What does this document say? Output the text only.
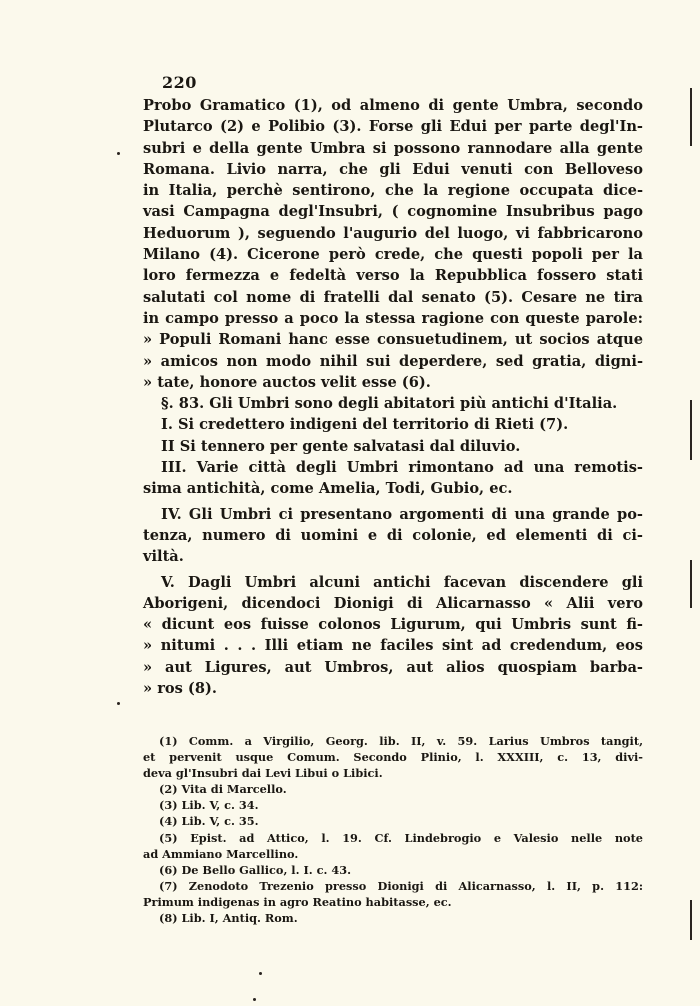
220
Probo Gramatico (1), od almeno di gente Umbra, secondo
Plutarco (2) e Polibio (3). Forse gli Edui per parte degl'In-
subri e della gente Umbra si possono rannodare alla gente
Romana. Livio narra, che gli Edui venuti con Belloveso
in Italia, perchè sentirono, che la regione occupata dice-
vasi Campagna degl'Insubri, ( cognomine Insubribus pago
Heduorum ), seguendo l'augurio del luogo, vi fabbricarono
Milano (4). Cicerone però crede, che questi popoli per la
loro fermezza e fedeltà verso la Repubblica fossero stati
salutati col nome di fratelli dal senato (5). Cesare ne tira
in campo presso a poco la stessa ragione con queste parole:
» Populi Romani hanc esse consuetudinem, ut socios atque
» amicos non modo nihil sui deperdere, sed gratia, digni-
» tate, honore auctos velit esse (6).
§. 83. Gli Umbri sono degli abitatori più antichi d'Italia.
I. Si credettero indigeni del territorio di Rieti (7).
II Si tennero per gente salvatasi dal diluvio.
III. Varie città degli Umbri rimontano ad una remotis-
sima antichità, come Amelia, Todi, Gubio, ec.
IV. Gli Umbri ci presentano argomenti di una grande po-
tenza, numero di uomini e di colonie, ed elementi di ci-
viltà.
V. Dagli Umbri alcuni antichi facevan discendere gli
Aborigeni, dicendoci Dionigi di Alicarnasso « Alii vero
« dicunt eos fuisse colonos Ligurum, qui Umbris sunt fi-
» nitumi . . . Illi etiam ne faciles sint ad credendum, eos
» aut Ligures, aut Umbros, aut alios quospiam barba-
» ros (8).
(1) Comm. a Virgilio, Georg. lib. II, v. 59. Larius Umbros tangit,
et pervenit usque Comum. Secondo Plinio, l. XXXIII, c. 13, divi-
deva gl'Insubri dai Levi Libui o Libici.
(2) Vita di Marcello.
(3) Lib. V, c. 34.
(4) Lib. V, c. 35.
(5) Epist. ad Attico, l. 19. Cf. Lindebrogio e Valesio nelle note
ad Ammiano Marcellino.
(6) De Bello Gallico, l. I. c. 43.
(7) Zenodoto Trezenio presso Dionigi di Alicarnasso, l. II, p. 112:
Primum indigenas in agro Reatino habitasse, ec.
(8) Lib. I, Antiq. Rom.
